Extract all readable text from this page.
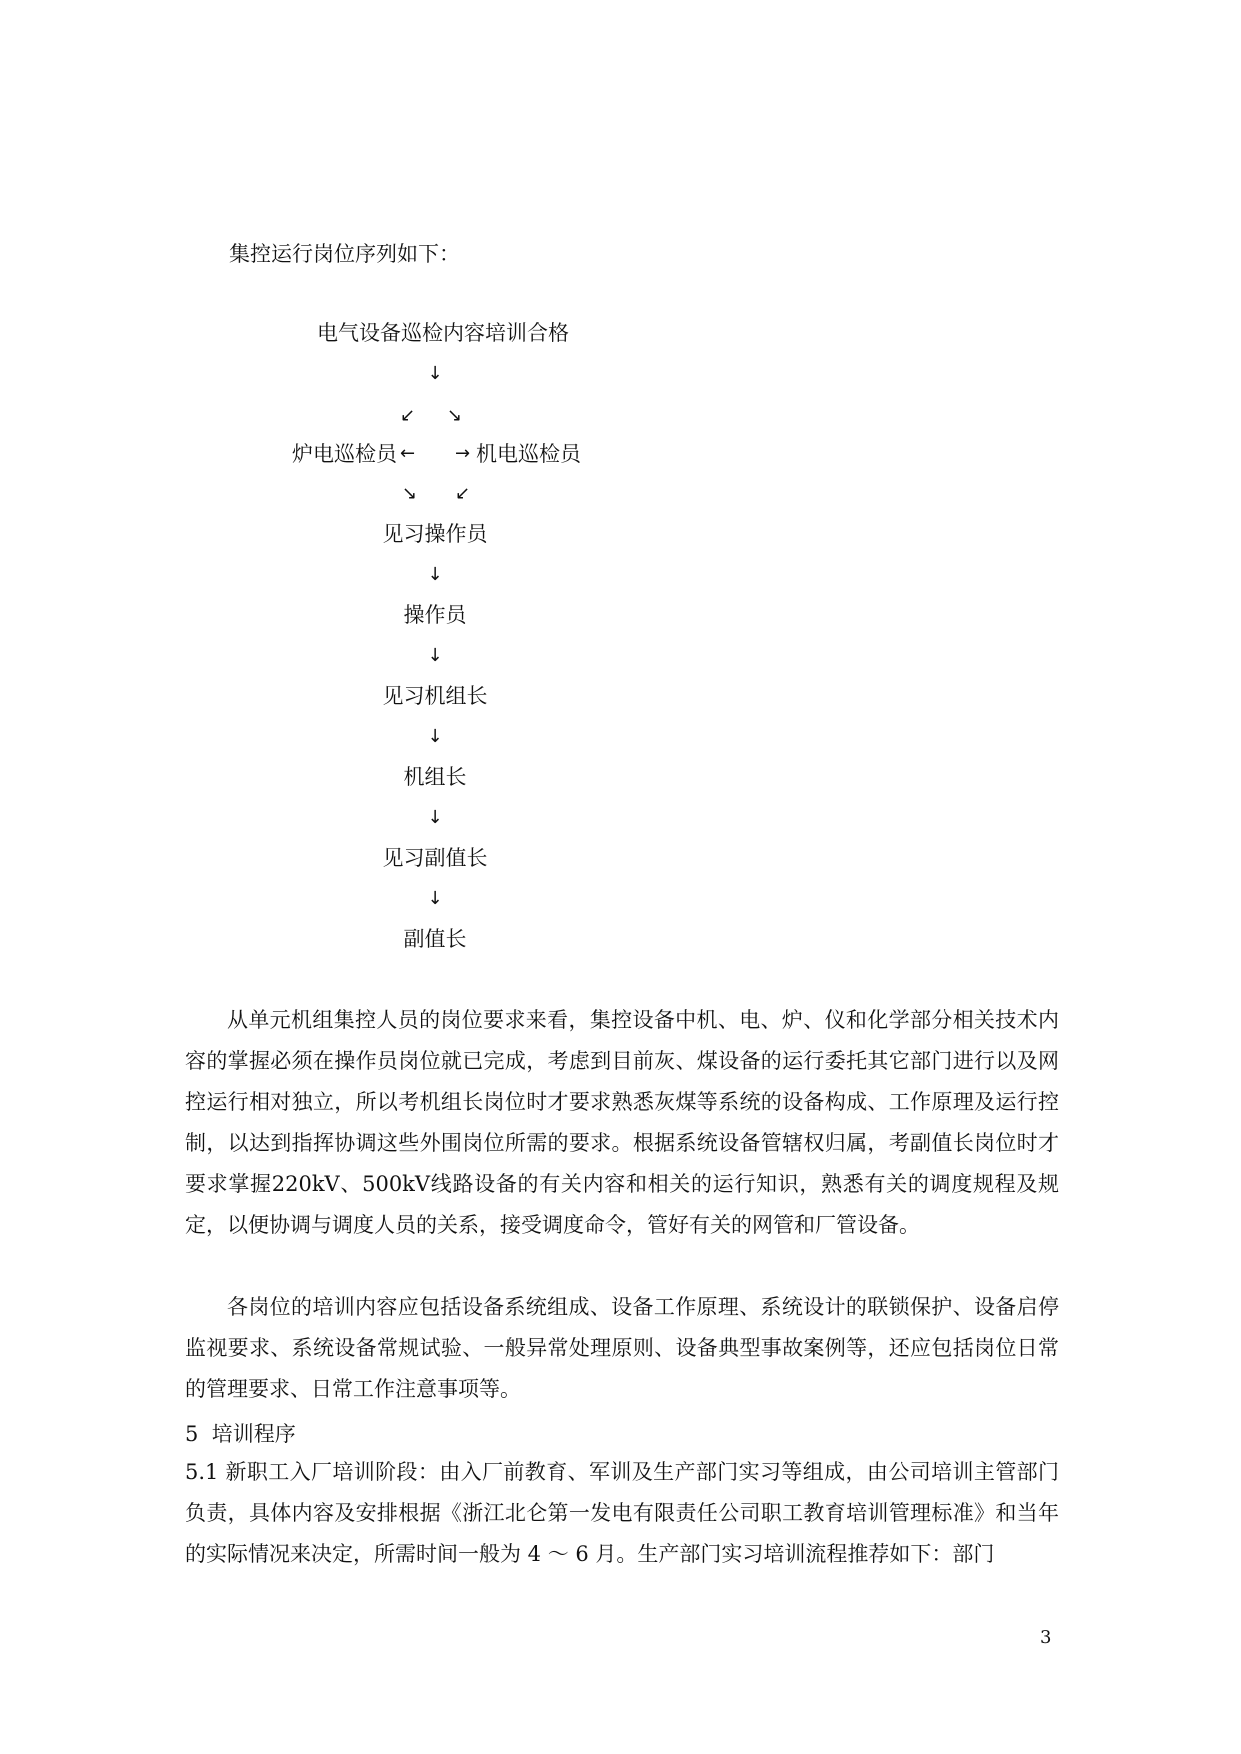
集控运行岗位序列如下：
电气设备巡检内容培训合格
↓
↙ ↘
炉电巡检员 ← → 机电巡检员
↘ ↙
见习操作员
↓
操作员
↓
见习机组长
↓
机组长
↓
见习副值长
↓
副值长
从单元机组集控人员的岗位要求来看，集控设备中机、电、炉、仪和化学部分相关技术内容的掌握必须在操作员岗位就已完成，考虑到目前灰、煤设备的运行委托其它部门进行以及网控运行相对独立，所以考机组长岗位时才要求熟悉灰煤等系统的设备构成、工作原理及运行控制，以达到指挥协调这些外围岗位所需的要求。根据系统设备管辖权归属，考副值长岗位时才要求掌握220kV、500kV线路设备的有关内容和相关的运行知识，熟悉有关的调度规程及规定，以便协调与调度人员的关系，接受调度命令，管好有关的网管和厂管设备。
各岗位的培训内容应包括设备系统组成、设备工作原理、系统设计的联锁保护、设备启停监视要求、系统设备常规试验、一般异常处理原则、设备典型事故案例等，还应包括岗位日常的管理要求、日常工作注意事项等。
5  培训程序
5.1 新职工入厂培训阶段：由入厂前教育、军训及生产部门实习等组成，由公司培训主管部门负责，具体内容及安排根据《浙江北仑第一发电有限责任公司职工教育培训管理标准》和当年的实际情况来决定，所需时间一般为 4 ～ 6 月。生产部门实习培训流程推荐如下：部门
3
